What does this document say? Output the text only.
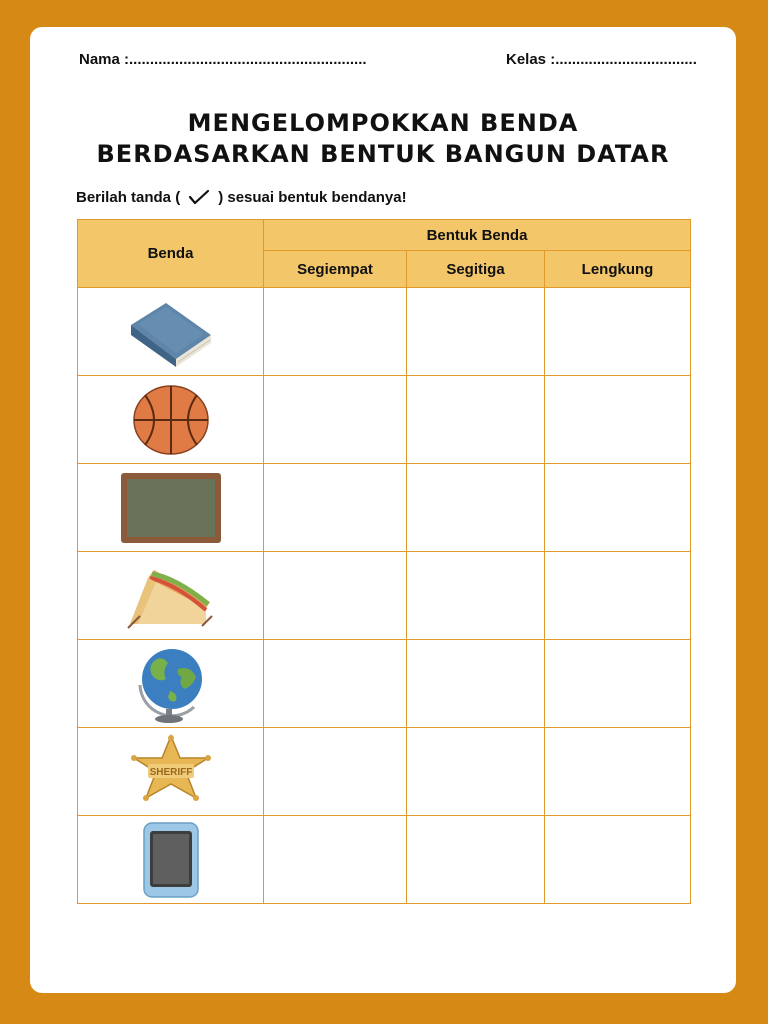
Nama :.........................................................	Kelas :..................................
MENGELOMPOKKAN BENDA
BERDASARKAN BENTUK BANGUN DATAR
Berilah tanda (	) sesuai bentuk bendanya!
Benda	Bentuk Benda		
	Segiempat	Segitiga	Lengkung

SHERIFF			
